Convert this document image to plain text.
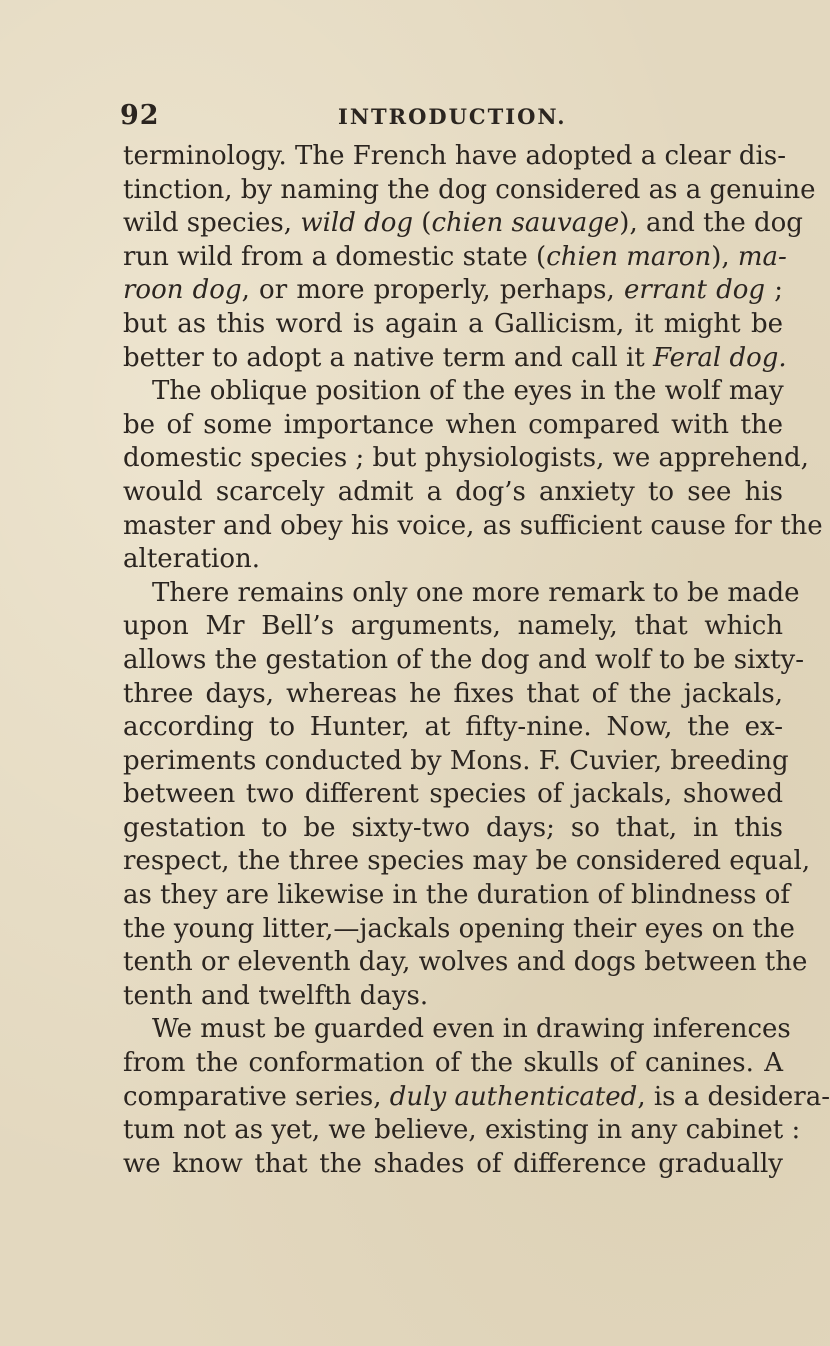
92	INTRODUCTION.
terminology. The French have adopted a clear dis-
tinction, by naming the dog considered as a genuine
wild species, wild dog (chien sauvage), and the dog
run wild from a domestic state (chien maron), ma-
roon dog, or more properly, perhaps, errant dog ;
but as this word is again a Gallicism, it might be
better to adopt a native term and call it Feral dog.
The oblique position of the eyes in the wolf may
be of some importance when compared with the
domestic species ; but physiologists, we apprehend,
would scarcely admit a dog’s anxiety to see his
master and obey his voice, as sufficient cause for the
alteration.
There remains only one more remark to be made
upon Mr Bell’s arguments, namely, that which
allows the gestation of the dog and wolf to be sixty-
three days, whereas he fixes that of the jackals,
according to Hunter, at fifty-nine. Now, the ex-
periments conducted by Mons. F. Cuvier, breeding
between two different species of jackals, showed
gestation to be sixty-two days; so that, in this
respect, the three species may be considered equal,
as they are likewise in the duration of blindness of
the young litter,—jackals opening their eyes on the
tenth or eleventh day, wolves and dogs between the
tenth and twelfth days.
We must be guarded even in drawing inferences
from the conformation of the skulls of canines. A
comparative series, duly authenticated, is a desidera-
tum not as yet, we believe, existing in any cabinet :
we know that the shades of difference gradually
